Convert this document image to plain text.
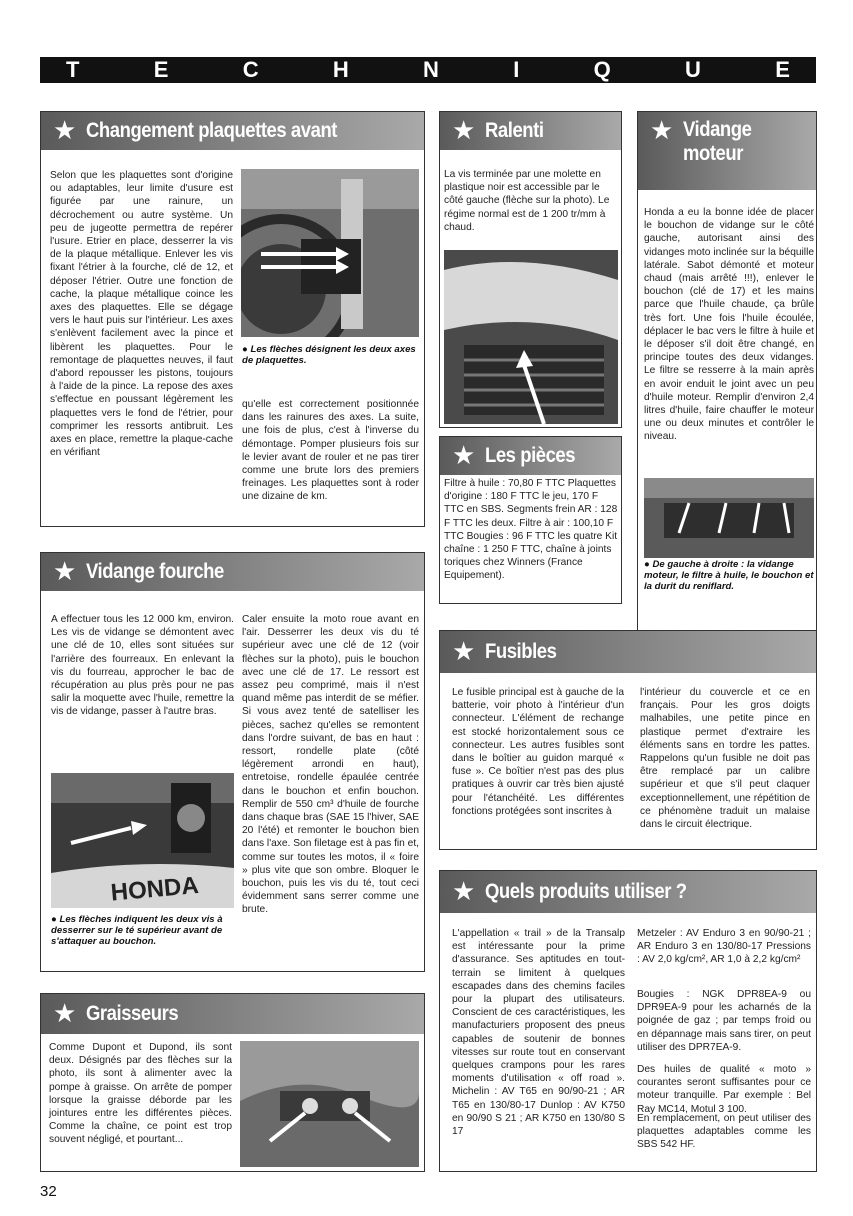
T	E	C	H	N	I	Q	U	E
★ Changement plaquettes avant
Selon que les plaquettes sont d'origine ou adaptables, leur limite d'usure est figurée par une rainure, un décrochement ou autre système. Un peu de jugeotte permettra de repérer l'usure. Etrier en place, desserrer la vis de la plaque métallique. Enlever les vis fixant l'étrier à la fourche, clé de 12, et déposer l'étrier. Outre une fonction de cache, la plaque métallique coince les axes des plaquettes. Elle se dégage vers le haut puis sur l'intérieur. Les axes s'enlèvent facilement avec la pince et libèrent les plaquettes. Pour le remontage de plaquettes neuves, il faut d'abord repousser les pistons, toujours à l'aide de la pince. La repose des axes s'effectue en poussant légèrement les plaquettes vers le fond de l'étrier, pour comprimer les ressorts antibruit. Les axes en place, remettre la plaque-cache en vérifiant
● Les flèches désignent les deux axes de plaquettes.
qu'elle est correctement positionnée dans les rainures des axes. La suite, une fois de plus, c'est à l'inverse du démontage. Pomper plusieurs fois sur le levier avant de rouler et ne pas tirer comme une brute lors des premiers freinages. Les plaquettes sont à roder une dizaine de km.
★ Ralenti
La vis terminée par une molette en plastique noir est accessible par le côté gauche (flèche sur la photo). Le régime normal est de 1 200 tr/mm à chaud.
★ Vidange moteur
Honda a eu la bonne idée de placer le bouchon de vidange sur le côté gauche, autorisant ainsi des vidanges moto inclinée sur la béquille latérale. Sabot démonté et moteur chaud (mais arrêté !!!), enlever le bouchon (clé de 17) et les mains parce que l'huile chaude, ça brûle très fort. Une fois l'huile écoulée, déplacer le bac vers le filtre à huile et le déposer s'il doit être changé, en principe toutes des deux vidanges. Le filtre se resserre à la main après en avoir enduit le joint avec un peu d'huile moteur. Remplir d'environ 2,4 litres d'huile, faire chauffer le moteur une ou deux minutes et contrôler le niveau.
● De gauche à droite : la vidange moteur, le filtre à huile, le bouchon et la durit du reniflard.
★ Les pièces
Filtre à huile : 70,80 F TTC Plaquettes d'origine : 180 F TTC le jeu, 170 F TTC en SBS. Segments frein AR : 128 F TTC les deux. Filtre à air : 100,10 F TTC Bougies : 96 F TTC les quatre Kit chaîne : 1 250 F TTC, chaîne à joints toriques chez Winners (France Equipement).
★ Vidange fourche
A effectuer tous les 12 000 km, environ. Les vis de vidange se démontent avec une clé de 10, elles sont situées sur l'arrière des fourreaux. En enlevant la vis du fourreau, approcher le bac de récupération au plus près pour ne pas salir la moquette avec l'huile, remettre la vis de vidange, passer à l'autre bras.
HONDA
● Les flèches indiquent les deux vis à desserrer sur le té supérieur avant de s'attaquer au bouchon.
Caler ensuite la moto roue avant en l'air. Desserrer les deux vis du té supérieur avec une clé de 12 (voir flèches sur la photo), puis le bouchon avec une clé de 17. Le ressort est assez peu comprimé, mais il n'est quand même pas interdit de se méfier. Si vous avez tenté de satelliser les pièces, sachez qu'elles se remontent dans l'ordre suivant, de bas en haut : ressort, rondelle plate (côté légèrement arrondi en haut), entretoise, rondelle épaulée centrée dans le bouchon et enfin bouchon. Remplir de 550 cm³ d'huile de fourche dans chaque bras (SAE 15 l'hiver, SAE 20 l'été) et remonter le bouchon bien dans l'axe. Son filetage est à pas fin et, comme sur toutes les motos, il « foire » plus vite que son ombre. Bloquer le bouchon, puis les vis du té, tout ceci évidemment sans serrer comme une brute.
★ Fusibles
Le fusible principal est à gauche de la batterie, voir photo à l'intérieur d'un connecteur. L'élément de rechange est stocké horizontalement sous ce connecteur. Les autres fusibles sont dans le boîtier au guidon marqué « fuse ». Ce boîtier n'est pas des plus pratiques à ouvrir car très bien ajusté pour l'étanchéité. Les différentes fonctions protégées sont inscrites à
l'intérieur du couvercle et ce en français. Pour les gros doigts malhabiles, une petite pince en plastique permet d'extraire les éléments sans en tordre les pattes. Rappelons qu'un fusible ne doit pas être remplacé par un calibre supérieur et que s'il peut claquer exceptionnellement, une répétition de ce phénomène traduit un malaise dans le circuit électrique.
★ Graisseurs
Comme Dupont et Dupond, ils sont deux. Désignés par des flèches sur la photo, ils sont à alimenter avec la pompe à graisse. On arrête de pomper lorsque la graisse déborde par les jointures entre les différentes pièces. Comme la chaîne, ce point est trop souvent négligé, et pourtant...
★ Quels produits utiliser ?
L'appellation « trail » de la Transalp est intéressante pour la prime d'assurance. Ses aptitudes en tout-terrain se limitent à quelques escapades dans des chemins faciles pour la plupart des utilisateurs. Conscient de ces caractéristiques, les manufacturiers proposent des pneus capables de soutenir de bonnes vitesses sur route tout en conservant quelques crampons pour les rares moments d'utilisation « off road ». Michelin : AV T65 en 90/90-21 ; AR T65 en 130/80-17 Dunlop : AV K750 en 90/90 S 21 ; AR K750 en 130/80 S 17
Metzeler : AV Enduro 3 en 90/90-21 ; AR Enduro 3 en 130/80-17 Pressions : AV 2,0 kg/cm², AR 1,0 à 2,2 kg/cm²
Bougies : NGK DPR8EA-9 ou DPR9EA-9 pour les acharnés de la poignée de gaz ; par temps froid ou en dépannage mais sans tirer, on peut utiliser des DPR7EA-9.
Des huiles de qualité « moto » courantes seront suffisantes pour ce moteur tranquille. Par exemple : Bel Ray MC14, Motul 3 100.
En remplacement, on peut utiliser des plaquettes adaptables comme les SBS 542 HF.
32
